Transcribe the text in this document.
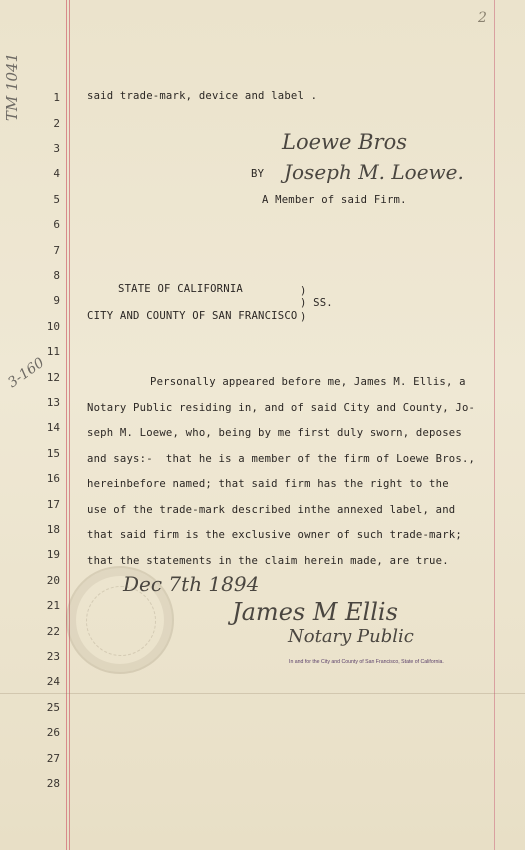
2
TM 1041
3-160
1
2
3
4
5
6
7
8
9
10
11
12
13
14
15
16
17
18
19
20
21
22
23
24
25
26
27
28
said trade-mark, device and label .
Loewe Bros
BY Joseph M. Loewe.
A Member of said Firm.
STATE OF CALIFORNIA	)
) SS.
CITY AND COUNTY OF SAN FRANCISCO )
Personally appeared before me, James M. Ellis, a
Notary Public residing in, and of said City and County, Jo-
seph M. Loewe, who, being by me first duly sworn, deposes
and says:-  that he is a member of the firm of Loewe Bros.,
hereinbefore named; that said firm has the right to the
use of the trade-mark described inthe annexed label, and
that said firm is the exclusive owner of such trade-mark;
that the statements in the claim herein made, are true.
Dec 7th 1894
James M Ellis
Notary Public
In and for the City and County of San Francisco, State of California.
